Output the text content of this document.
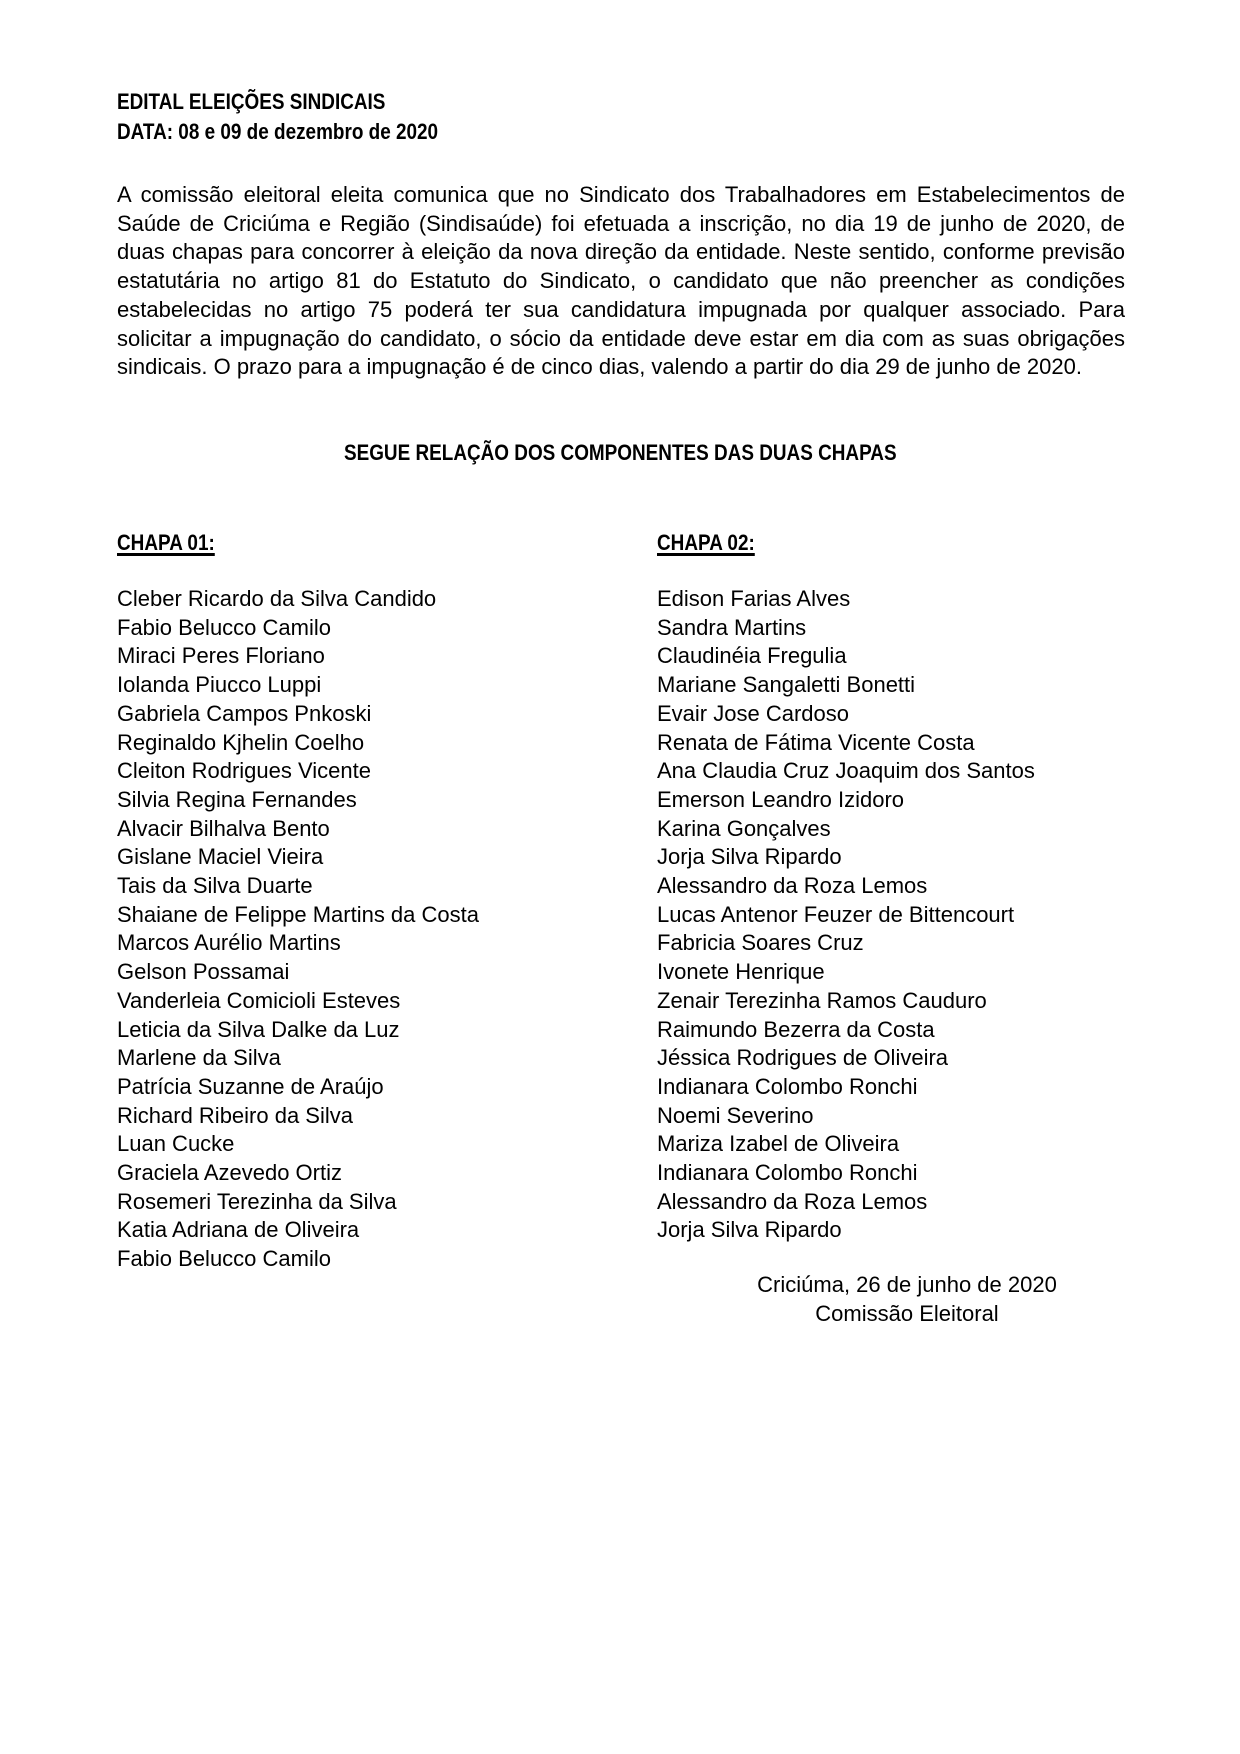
EDITAL ELEIÇÕES SINDICAIS
DATA: 08 e 09 de dezembro de 2020
A comissão eleitoral eleita comunica que no Sindicato dos Trabalhadores em Estabelecimentos de Saúde de Criciúma e Região (Sindisaúde) foi efetuada a inscrição, no dia 19 de junho de 2020, de duas chapas para concorrer à eleição da nova direção da entidade. Neste sentido, conforme previsão estatutária no artigo 81 do Estatuto do Sindicato, o candidato que não preencher as condições estabelecidas no artigo 75 poderá ter sua candidatura impugnada por qualquer associado. Para solicitar a impugnação do candidato, o sócio da entidade deve estar em dia com as suas obrigações sindicais. O prazo para a impugnação é de cinco dias, valendo a partir do dia 29 de junho de 2020.
SEGUE RELAÇÃO DOS COMPONENTES DAS DUAS CHAPAS
CHAPA 01:
Cleber Ricardo da Silva Candido
Fabio Belucco Camilo
Miraci Peres Floriano
Iolanda Piucco Luppi
Gabriela Campos Pnkoski
Reginaldo Kjhelin Coelho
Cleiton Rodrigues Vicente
Silvia Regina Fernandes
Alvacir Bilhalva Bento
Gislane Maciel Vieira
Tais da Silva Duarte
Shaiane de Felippe Martins da Costa
Marcos Aurélio Martins
Gelson Possamai
Vanderleia Comicioli Esteves
Leticia da Silva Dalke da Luz
Marlene da Silva
Patrícia Suzanne de Araújo
Richard Ribeiro da Silva
Luan Cucke
Graciela Azevedo Ortiz
Rosemeri Terezinha da Silva
Katia Adriana de Oliveira
Fabio Belucco Camilo
CHAPA 02:
Edison Farias Alves
Sandra Martins
Claudinéia Fregulia
Mariane Sangaletti Bonetti
Evair Jose Cardoso
Renata de Fátima Vicente Costa
Ana Claudia Cruz Joaquim dos Santos
Emerson Leandro Izidoro
Karina Gonçalves
Jorja Silva Ripardo
Alessandro da Roza Lemos
Lucas Antenor Feuzer de Bittencourt
Fabricia Soares Cruz
Ivonete Henrique
Zenair Terezinha Ramos Cauduro
Raimundo Bezerra da Costa
Jéssica Rodrigues de Oliveira
Indianara Colombo Ronchi
Noemi Severino
Mariza Izabel de Oliveira
Indianara Colombo Ronchi
Alessandro da Roza Lemos
Jorja Silva Ripardo
Criciúma, 26 de junho de 2020
Comissão Eleitoral
